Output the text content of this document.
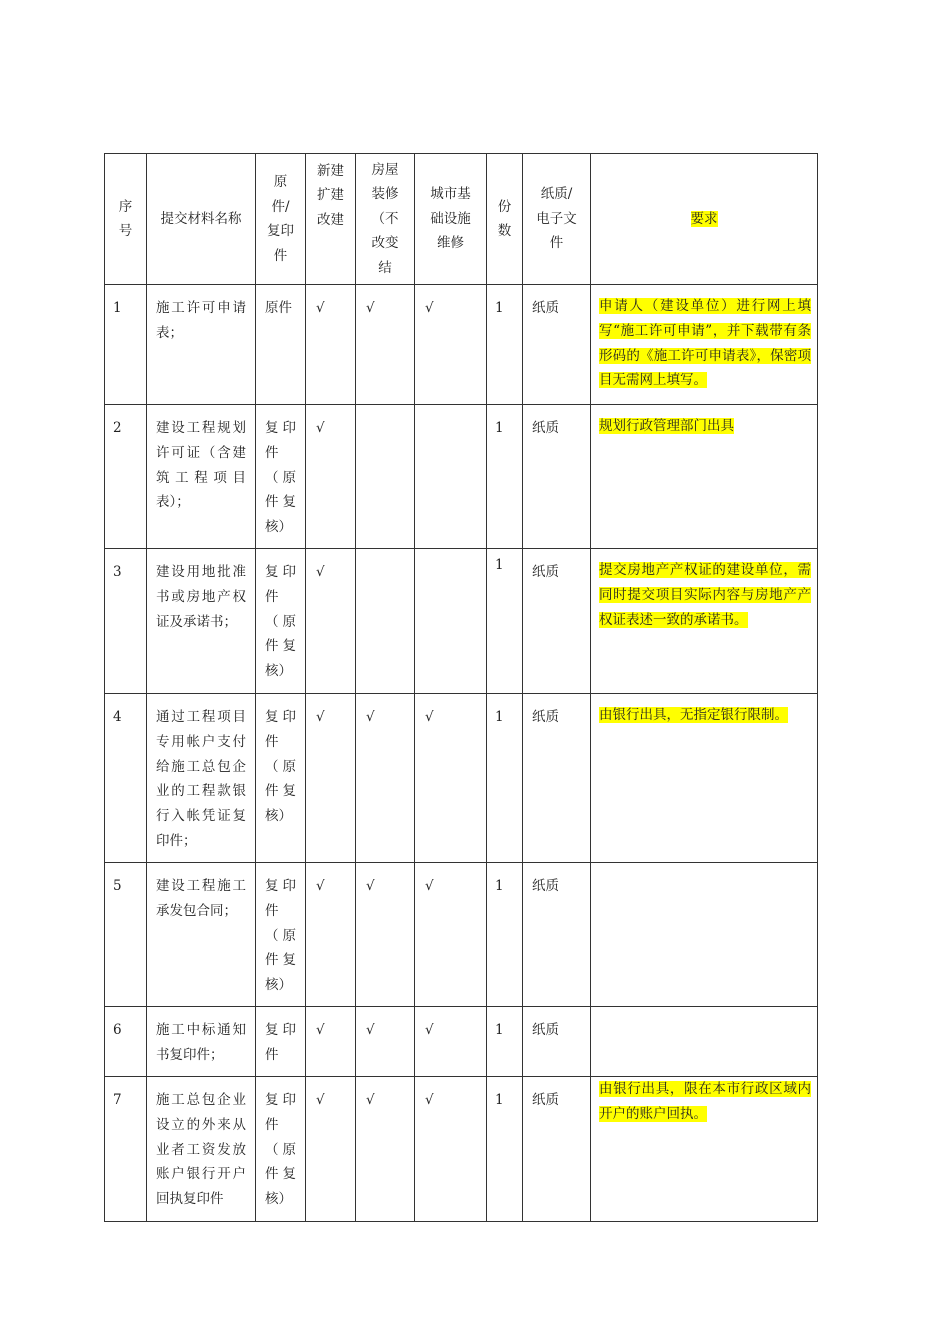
序号	提交材料名称	原件/复印件	新建扩建改建	房屋装修（不改变结	城市基础设施维修	份数	纸质/电子文件	要求

1	施工许可申请表；	原件	√	√	√	1	纸质	申请人（建设单位）进行网上填写“施工许可申请”，并下载带有条形码的《施工许可申请表》，保密项目无需网上填写。

2	建设工程规划许可证（含建筑工程项目表）；	复印件（原件复核）	√			1	纸质	规划行政管理部门出具

3	建设用地批准书或房地产权证及承诺书；	复印件（原件复核）	√			1	纸质	提交房地产产权证的建设单位，需同时提交项目实际内容与房地产产权证表述一致的承诺书。

4	通过工程项目专用帐户支付给施工总包企业的工程款银行入帐凭证复印件；	复印件（原件复核）	√	√	√	1	纸质	由银行出具，无指定银行限制。

5	建设工程施工承发包合同；	复印件（原件复核）	√	√	√	1	纸质	

6	施工中标通知书复印件；	复印件	√	√	√	1	纸质	

7	施工总包企业设立的外来从业者工资发放账户银行开户回执复印件	复印件（原件复核）	√	√	√	1	纸质	由银行出具，限在本市行政区域内开户的账户回执。
